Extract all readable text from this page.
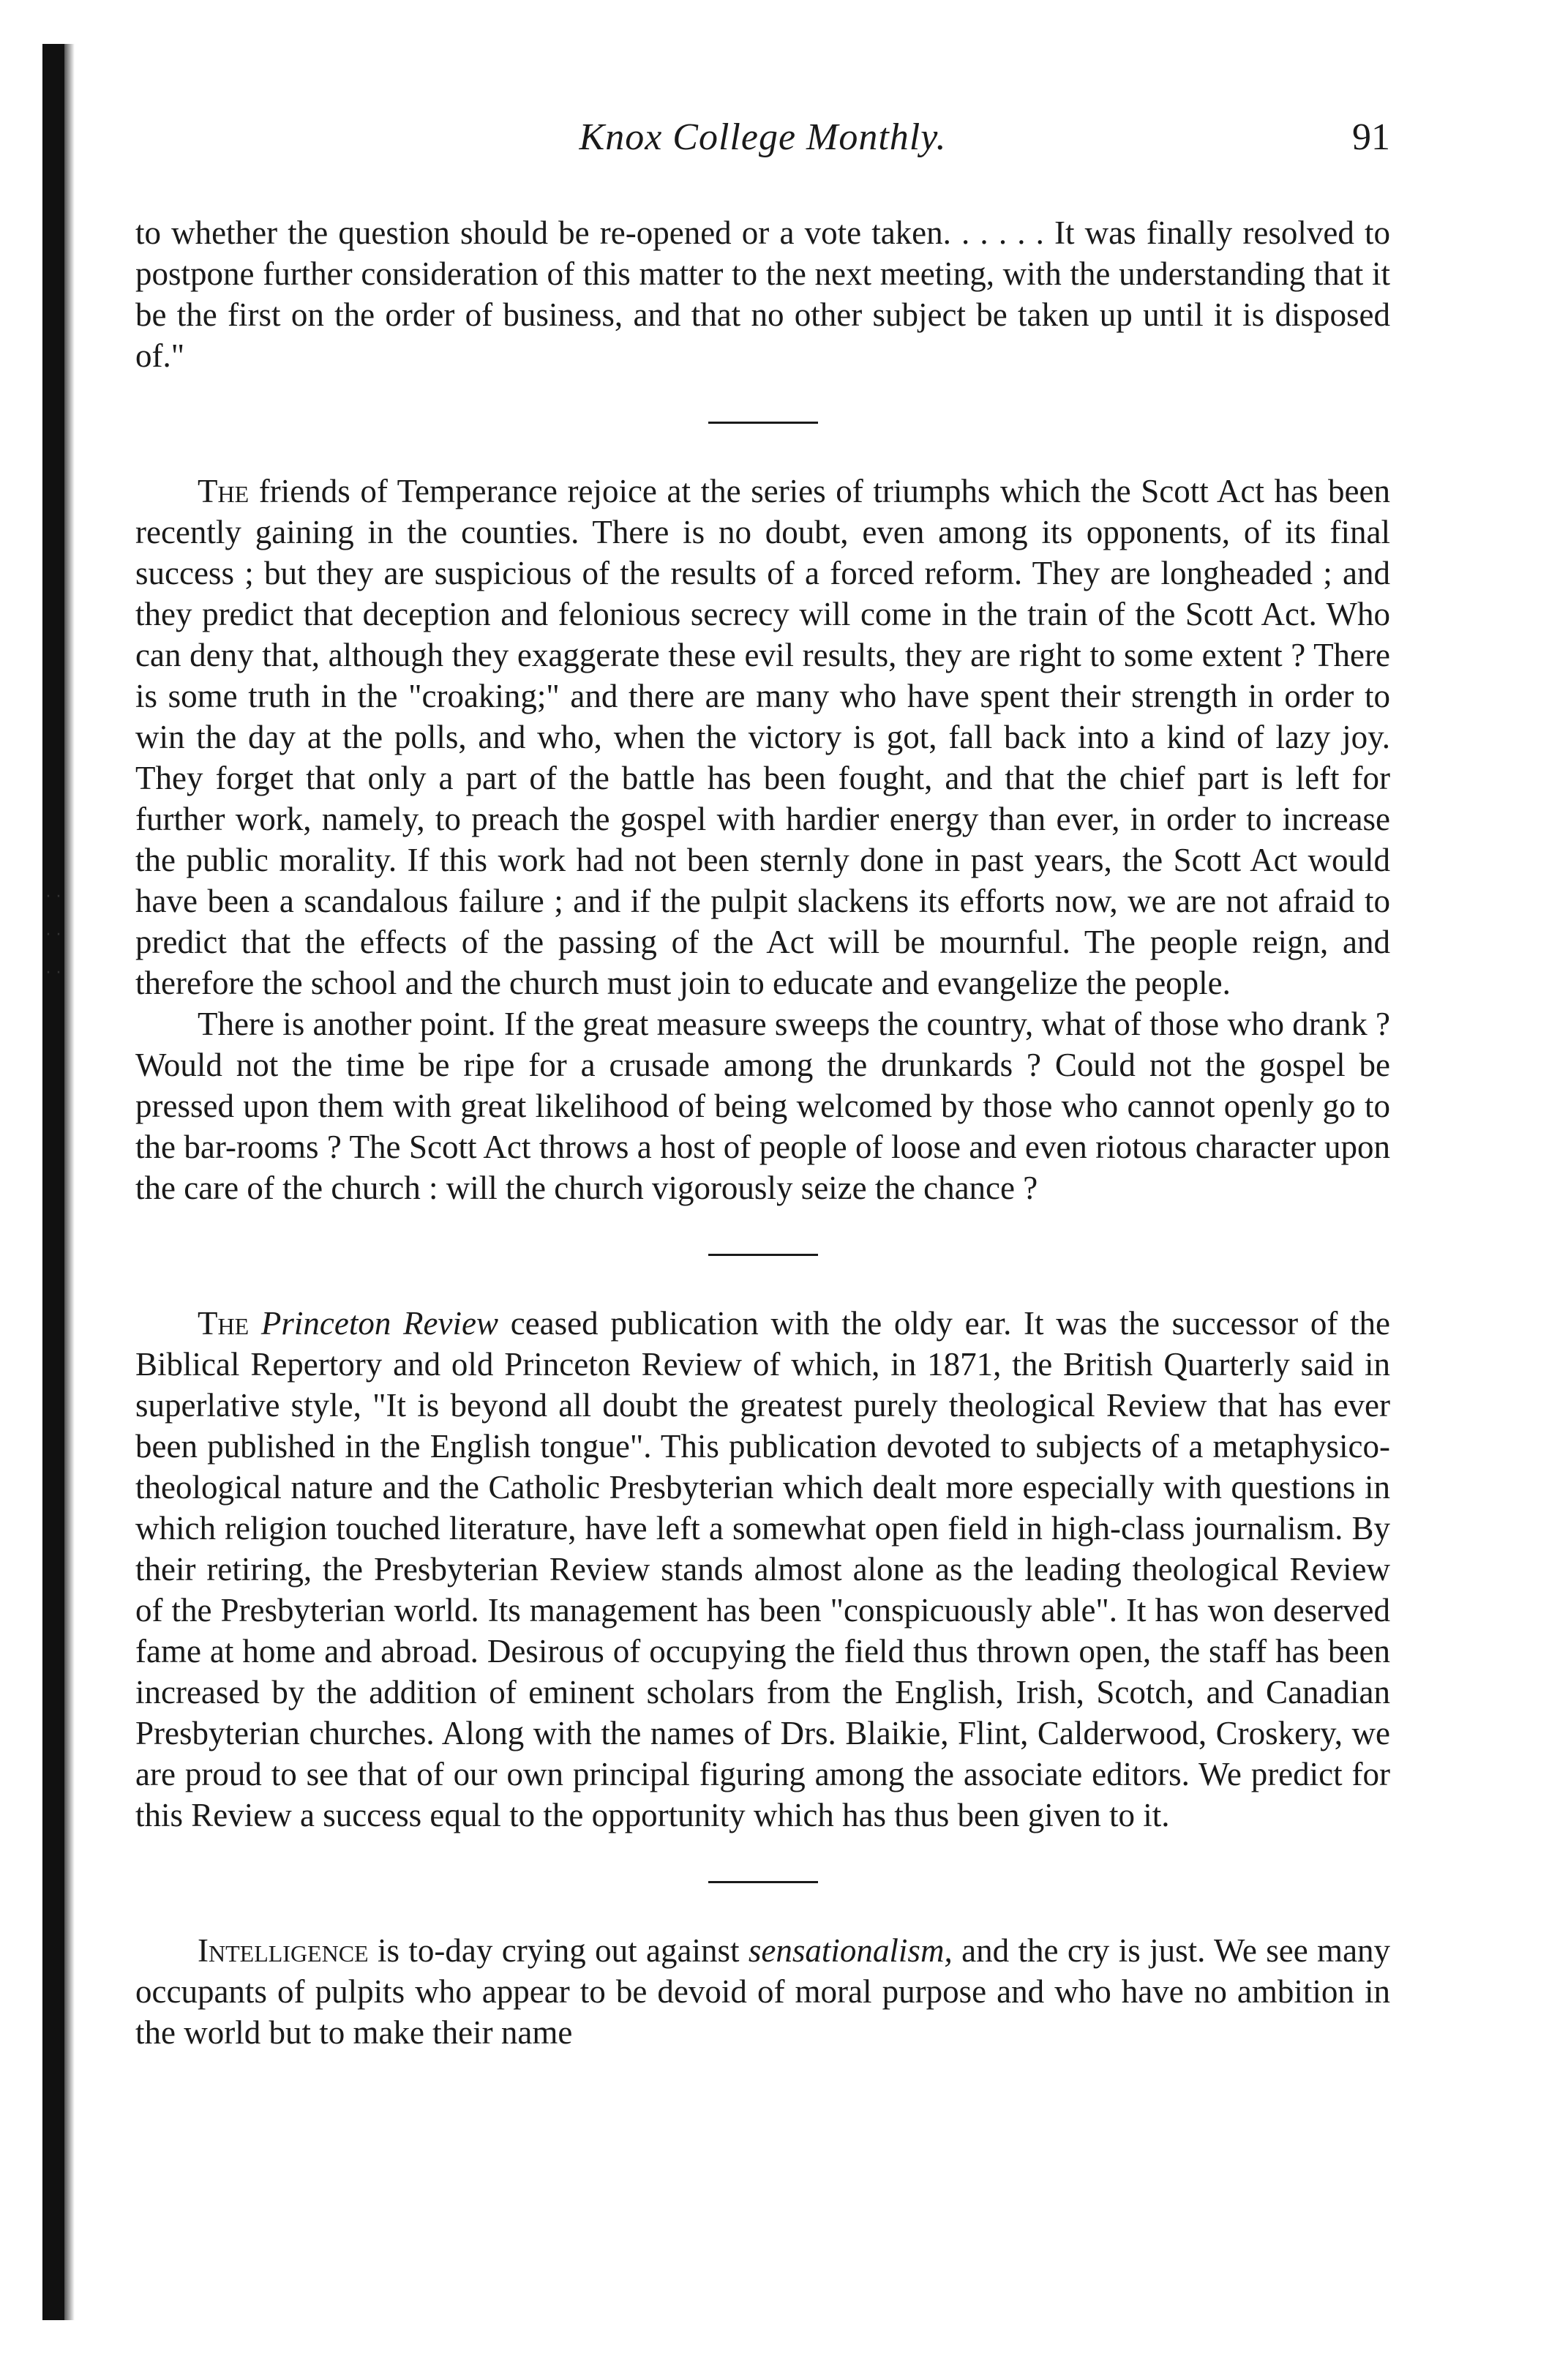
· · · · · ·
Knox College Monthly.	91

to whether the question should be re-opened or a vote taken. . . . . . It was finally resolved to postpone further consideration of this matter to the next meeting, with the understanding that it be the first on the order of business, and that no other subject be taken up until it is disposed of."

The friends of Temperance rejoice at the series of triumphs which the Scott Act has been recently gaining in the counties. There is no doubt, even among its opponents, of its final success ; but they are suspicious of the results of a forced reform. They are longheaded ; and they predict that deception and felonious secrecy will come in the train of the Scott Act. Who can deny that, although they exaggerate these evil results, they are right to some extent ? There is some truth in the "croaking;" and there are many who have spent their strength in order to win the day at the polls, and who, when the victory is got, fall back into a kind of lazy joy. They forget that only a part of the battle has been fought, and that the chief part is left for further work, namely, to preach the gospel with hardier energy than ever, in order to increase the public morality. If this work had not been sternly done in past years, the Scott Act would have been a scandalous failure ; and if the pulpit slackens its efforts now, we are not afraid to predict that the effects of the passing of the Act will be mournful. The people reign, and therefore the school and the church must join to educate and evangelize the people.

There is another point. If the great measure sweeps the country, what of those who drank ? Would not the time be ripe for a crusade among the drunkards ? Could not the gospel be pressed upon them with great likelihood of being welcomed by those who cannot openly go to the bar-rooms ? The Scott Act throws a host of people of loose and even riotous character upon the care of the church : will the church vigorously seize the chance ?

The Princeton Review ceased publication with the oldy ear. It was the successor of the Biblical Repertory and old Princeton Review of which, in 1871, the British Quarterly said in superlative style, "It is beyond all doubt the greatest purely theological Review that has ever been published in the English tongue". This publication devoted to subjects of a metaphysico-theological nature and the Catholic Presbyterian which dealt more especially with questions in which religion touched literature, have left a somewhat open field in high-class journalism. By their retiring, the Presbyterian Review stands almost alone as the leading theological Review of the Presbyterian world. Its management has been "conspicuously able". It has won deserved fame at home and abroad. Desirous of occupying the field thus thrown open, the staff has been increased by the addition of eminent scholars from the English, Irish, Scotch, and Canadian Presbyterian churches. Along with the names of Drs. Blaikie, Flint, Calderwood, Croskery, we are proud to see that of our own principal figuring among the associate editors. We predict for this Review a success equal to the opportunity which has thus been given to it.

Intelligence is to-day crying out against sensationalism, and the cry is just. We see many occupants of pulpits who appear to be devoid of moral purpose and who have no ambition in the world but to make their name
